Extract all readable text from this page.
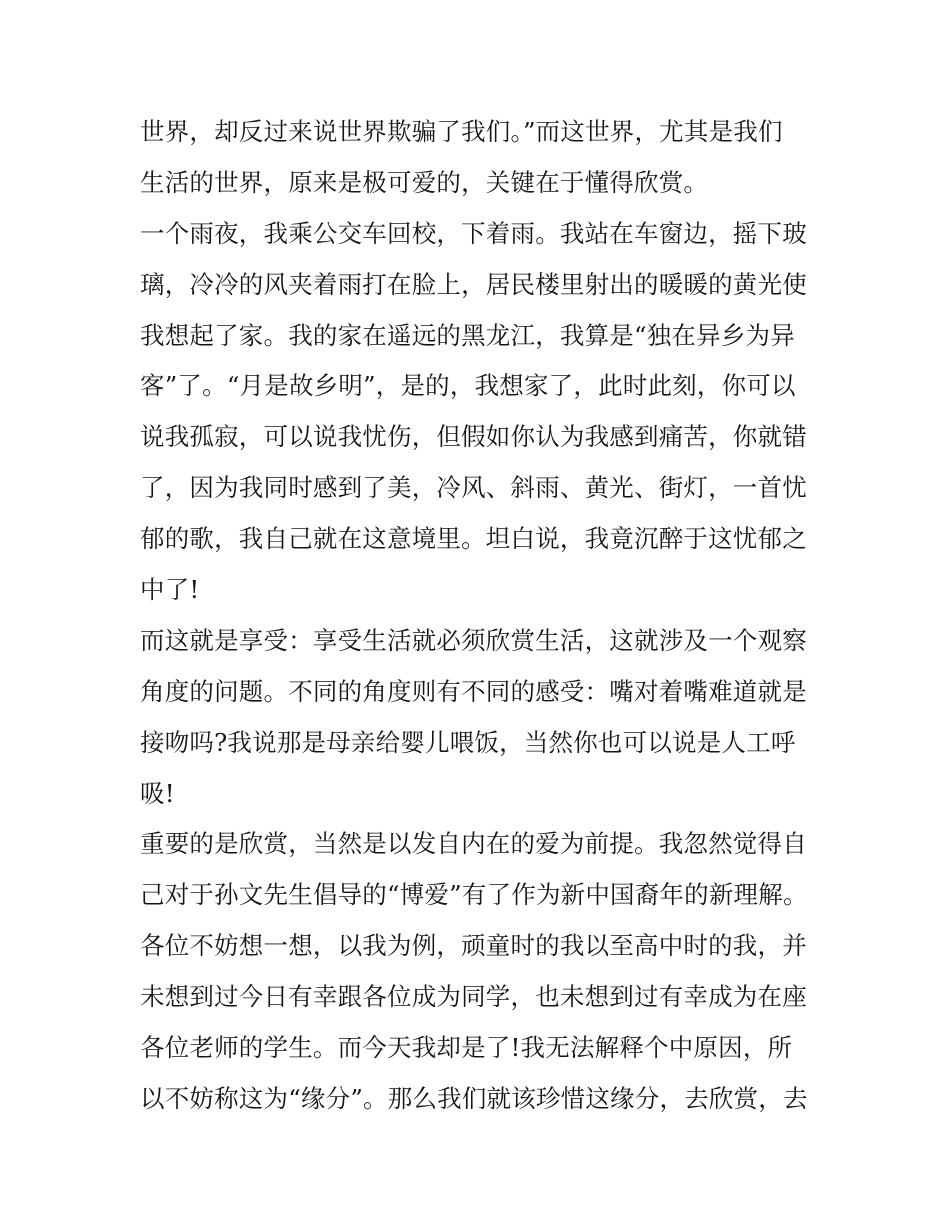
世界，却反过来说世界欺骗了我们。”而这世界，尤其是我们
生活的世界，原来是极可爱的，关键在于懂得欣赏。
一个雨夜，我乘公交车回校，下着雨。我站在车窗边，摇下玻
璃，冷冷的风夹着雨打在脸上，居民楼里射出的暖暖的黄光使
我想起了家。我的家在遥远的黑龙江，我算是“独在异乡为异
客”了。“月是故乡明”，是的，我想家了，此时此刻，你可以
说我孤寂，可以说我忧伤，但假如你认为我感到痛苦，你就错
了，因为我同时感到了美，冷风、斜雨、黄光、街灯，一首忧
郁的歌，我自己就在这意境里。坦白说，我竟沉醉于这忧郁之
中了!
而这就是享受：享受生活就必须欣赏生活，这就涉及一个观察
角度的问题。不同的角度则有不同的感受：嘴对着嘴难道就是
接吻吗?我说那是母亲给婴儿喂饭，当然你也可以说是人工呼
吸!
重要的是欣赏，当然是以发自内在的爱为前提。我忽然觉得自
己对于孙文先生倡导的“博爱”有了作为新中国裔年的新理解。
各位不妨想一想，以我为例，顽童时的我以至高中时的我，并
未想到过今日有幸跟各位成为同学，也未想到过有幸成为在座
各位老师的学生。而今天我却是了!我无法解释个中原因，所
以不妨称这为“缘分”。那么我们就该珍惜这缘分，去欣赏，去
